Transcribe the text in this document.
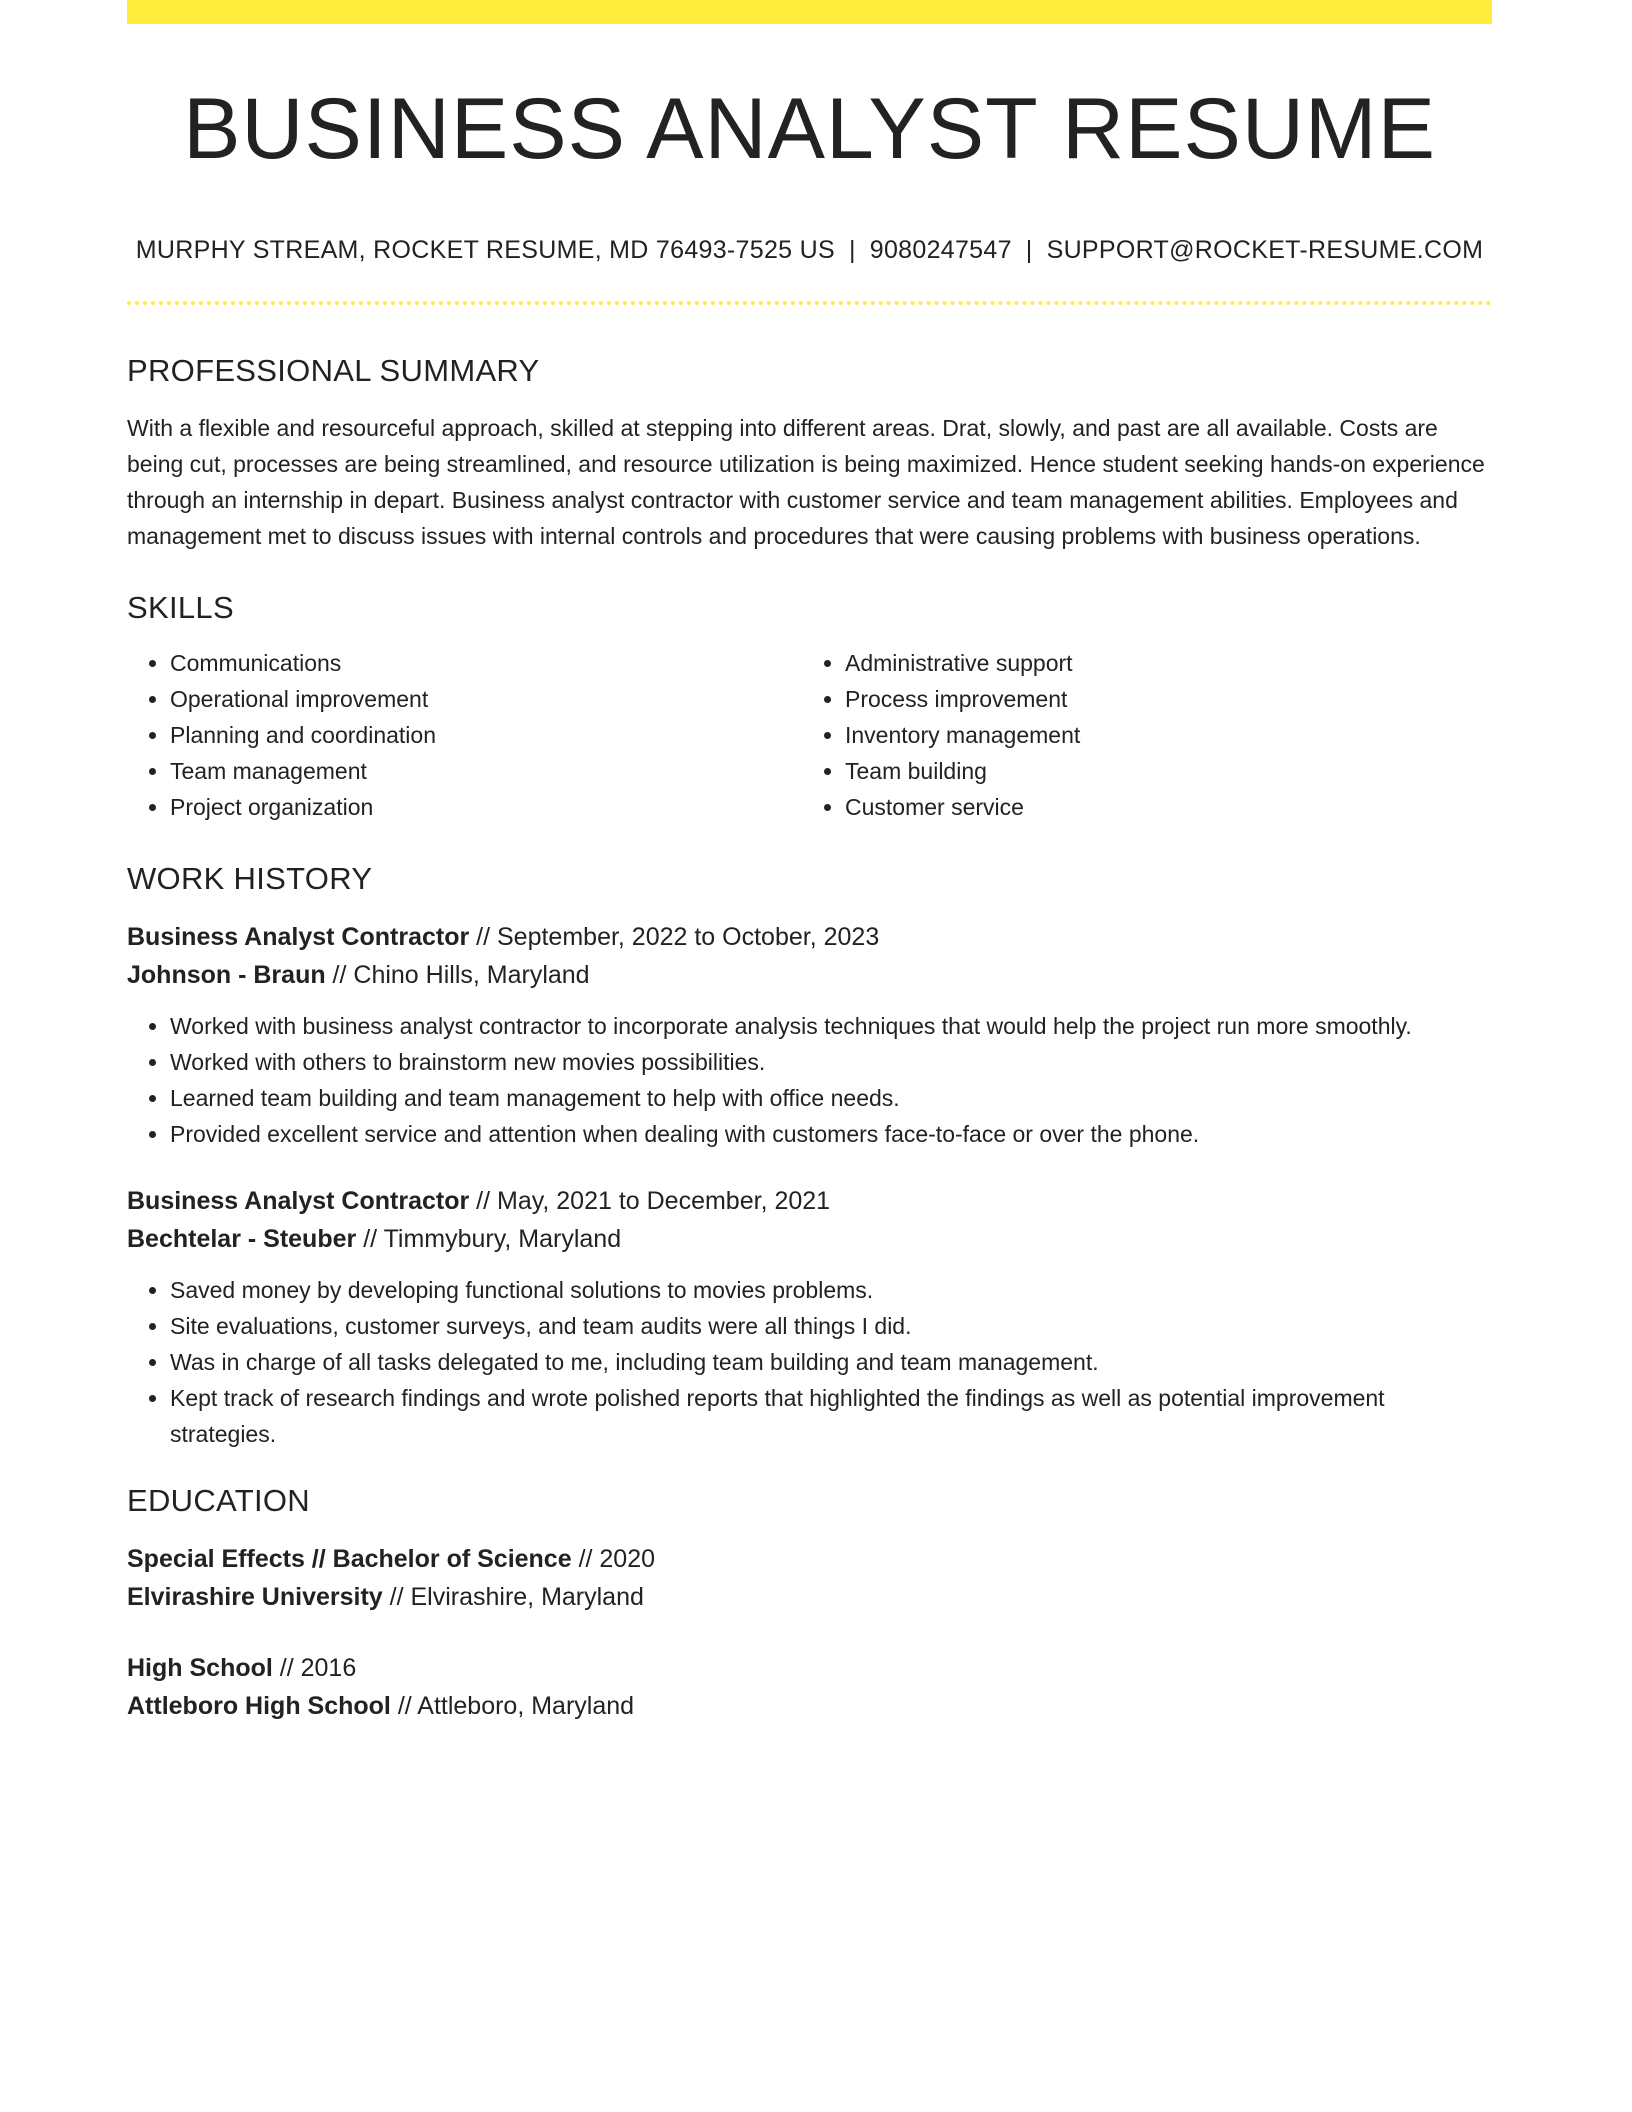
BUSINESS ANALYST RESUME
MURPHY STREAM, ROCKET RESUME, MD 76493-7525 US | 9080247547 | SUPPORT@ROCKET-RESUME.COM
PROFESSIONAL SUMMARY

With a flexible and resourceful approach, skilled at stepping into different areas. Drat, slowly, and past are all available. Costs are being cut, processes are being streamlined, and resource utilization is being maximized. Hence student seeking hands-on experience through an internship in depart. Business analyst contractor with customer service and team management abilities. Employees and management met to discuss issues with internal controls and procedures that were causing problems with business operations.

SKILLS
• Communications
• Operational improvement
• Planning and coordination
• Team management
• Project organization
• Administrative support
• Process improvement
• Inventory management
• Team building
• Customer service
WORK HISTORY
Business Analyst Contractor // September, 2022 to October, 2023
Johnson - Braun // Chino Hills, Maryland
• Worked with business analyst contractor to incorporate analysis techniques that would help the project run more smoothly.
• Worked with others to brainstorm new movies possibilities.
• Learned team building and team management to help with office needs.
• Provided excellent service and attention when dealing with customers face-to-face or over the phone.
Business Analyst Contractor // May, 2021 to December, 2021
Bechtelar - Steuber // Timmybury, Maryland
• Saved money by developing functional solutions to movies problems.
• Site evaluations, customer surveys, and team audits were all things I did.
• Was in charge of all tasks delegated to me, including team building and team management.
• Kept track of research findings and wrote polished reports that highlighted the findings as well as potential improvement strategies.
EDUCATION
Special Effects // Bachelor of Science // 2020
Elvirashire University // Elvirashire, Maryland
High School // 2016
Attleboro High School // Attleboro, Maryland
